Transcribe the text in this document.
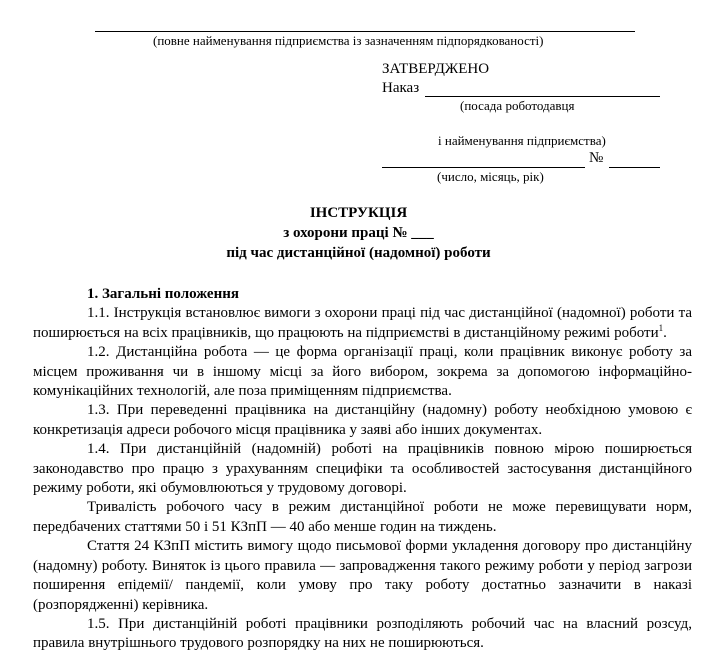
(повне найменування підприємства із зазначенням підпорядкованості)
ЗАТВЕРДЖЕНО
Наказ
(посада роботодавця
і найменування підприємства)
№
(число, місяць, рік)
ІНСТРУКЦІЯ
з охорони праці № ___
під час дистанційної (надомної) роботи

1. Загальні положення

1.1. Інструкція встановлює вимоги з охорони праці під час дистанційної (надомної) роботи та поширюється на всіх працівників, що працюють на підприємстві в дистанційному режимі роботи$^1$.

1.2. Дистанційна робота — це форма організації праці, коли працівник виконує роботу за місцем проживання чи в іншому місці за його вибором, зокрема за допомогою інформаційно-комунікаційних технологій, але поза приміщенням підприємства.

1.3. При переведенні працівника на дистанційну (надомну) роботу необхідною умовою є конкретизація адреси робочого місця працівника у заяві або інших документах.

1.4. При дистанційній (надомній) роботі на працівників повною мірою поширюється законодавство про працю з урахуванням специфіки та особливостей застосування дистанційного режиму роботи, які обумовлюються у трудовому договорі.

Тривалість робочого часу в режим дистанційної роботи не може перевищувати норм, передбачених статтями 50 і 51 КЗпП — 40 або менше годин на тиждень.

Стаття 24 КЗпП містить вимогу щодо письмової форми укладення договору про дистанційну (надомну) роботу. Виняток із цього правила — запровадження такого режиму роботи у період загрози поширення епідемії/ пандемії, коли умову про таку роботу достатньо зазначити в наказі (розпорядженні) керівника.

1.5. При дистанційній роботі працівники розподіляють робочий час на власний розсуд, правила внутрішнього трудового розпорядку на них не поширюються.
